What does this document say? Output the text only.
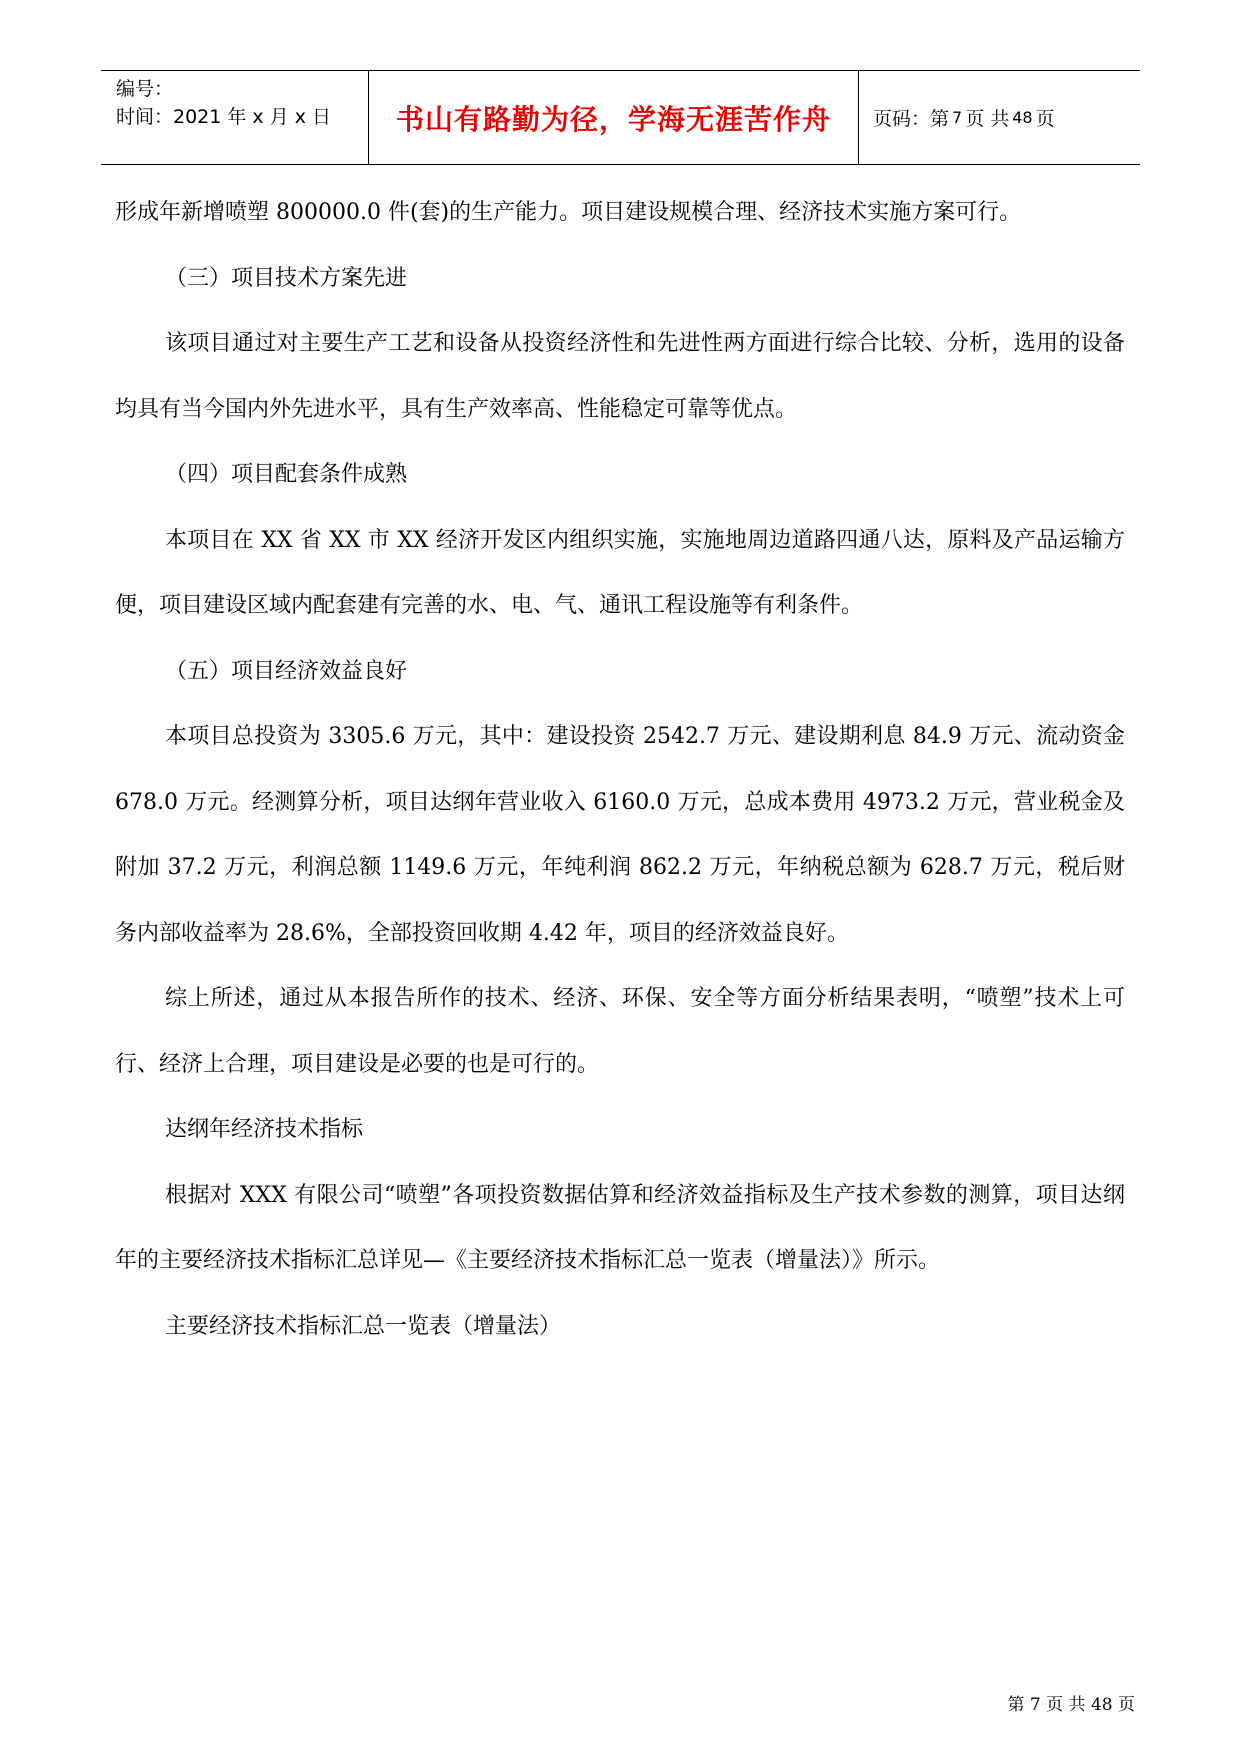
编号：
时间：2021 年 x 月 x 日	书山有路勤为径，学海无涯苦作舟 页码：第 7 页 共 48 页

形成年新增喷塑 800000.0 件(套)的生产能力。项目建设规模合理、经济技术实施方案可行。

（三）项目技术方案先进

该项目通过对主要生产工艺和设备从投资经济性和先进性两方面进行综合比较、分析，选用的设备均具有当今国内外先进水平，具有生产效率高、性能稳定可靠等优点。

（四）项目配套条件成熟

本项目在 XX 省 XX 市 XX 经济开发区内组织实施，实施地周边道路四通八达，原料及产品运输方便，项目建设区域内配套建有完善的水、电、气、通讯工程设施等有利条件。

（五）项目经济效益良好

本项目总投资为 3305.6 万元，其中：建设投资 2542.7 万元、建设期利息 84.9 万元、流动资金 678.0 万元。经测算分析，项目达纲年营业收入 6160.0 万元，总成本费用 4973.2 万元，营业税金及附加 37.2 万元，利润总额 1149.6 万元，年纯利润 862.2 万元，年纳税总额为 628.7 万元，税后财务内部收益率为 28.6%，全部投资回收期 4.42 年，项目的经济效益良好。

综上所述，通过从本报告所作的技术、经济、环保、安全等方面分析结果表明，“喷塑”技术上可行、经济上合理，项目建设是必要的也是可行的。

达纲年经济技术指标

根据对 XXX 有限公司“喷塑”各项投资数据估算和经济效益指标及生产技术参数的测算，项目达纲年的主要经济技术指标汇总详见—《主要经济技术指标汇总一览表（增量法）》所示。

主要经济技术指标汇总一览表（增量法）

第 7 页 共 48 页
